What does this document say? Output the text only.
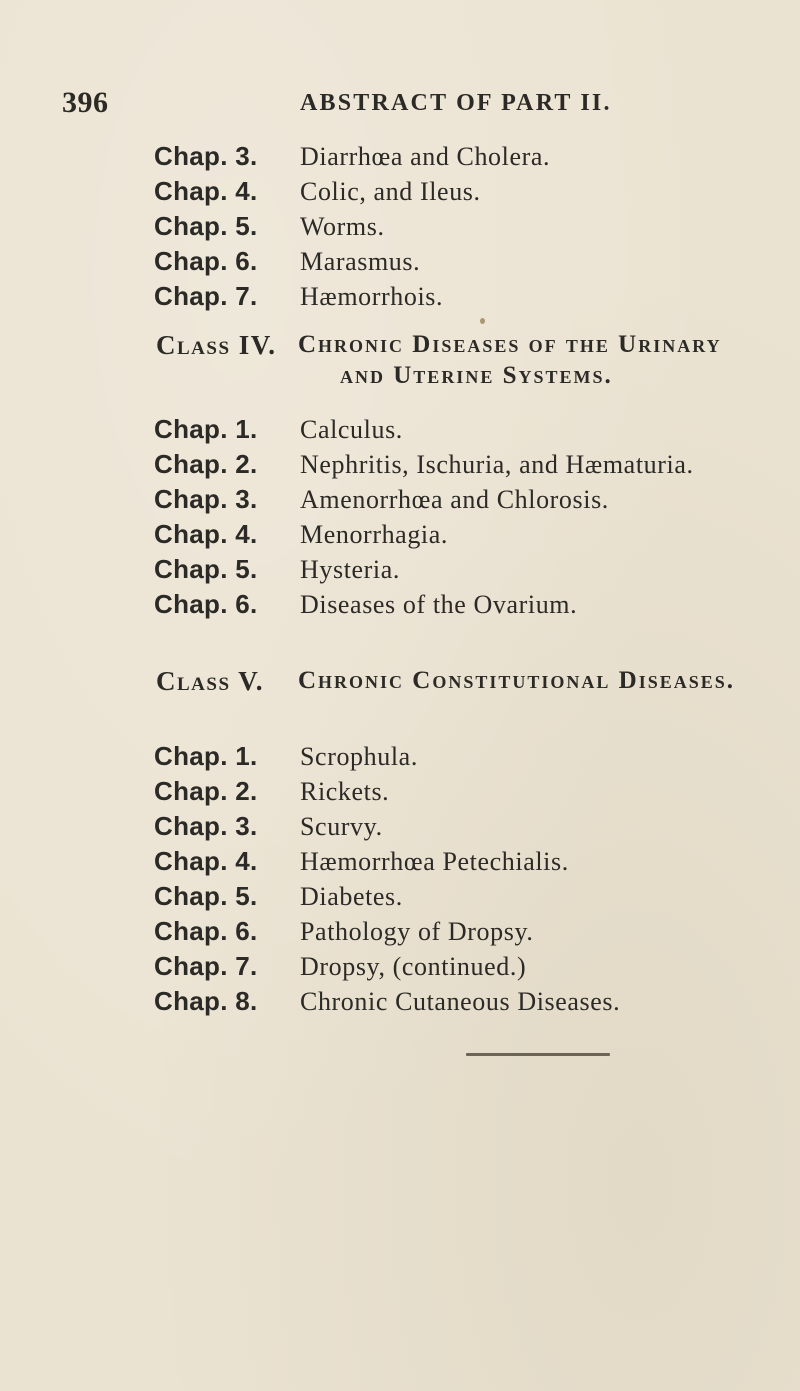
396	ABSTRACT OF PART II.
Chap. 3. Diarrhœa and Cholera.
Chap. 4. Colic, and Ileus.
Chap. 5. Worms.
Chap. 6. Marasmus.
Chap. 7. Hæmorrhois.
Class IV. Chronic Diseases of the Urinary
and Uterine Systems.
Chap. 1. Calculus.
Chap. 2. Nephritis, Ischuria, and Hæmaturia.
Chap. 3. Amenorrhœa and Chlorosis.
Chap. 4. Menorrhagia.
Chap. 5. Hysteria.
Chap. 6. Diseases of the Ovarium.
Class V. Chronic Constitutional Diseases.
Chap. 1. Scrophula.
Chap. 2. Rickets.
Chap. 3. Scurvy.
Chap. 4. Hæmorrhœa Petechialis.
Chap. 5. Diabetes.
Chap. 6. Pathology of Dropsy.
Chap. 7. Dropsy, (continued.)
Chap. 8. Chronic Cutaneous Diseases.
